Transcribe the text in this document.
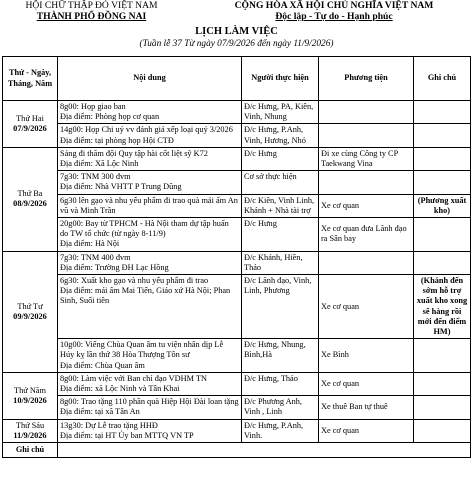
HỘI CHỮ THẬP ĐỎ VIỆT NAM
THÀNH PHỐ ĐỒNG NAI
CỘNG HÒA XÃ HỘI CHỦ NGHĨA VIỆT NAM
Độc lập - Tự do - Hạnh phúc
LỊCH LÀM VIỆC
(Tuần lễ 37 Từ ngày 07/9/2026 đến ngày 11/9/2026)
Thứ - Ngày, Tháng, Năm	Nội dung	Người thực hiện	Phương tiện	Ghi chú

Thứ Hai
07/9/2026	8g00: Họp giao ban
Địa điểm: Phòng họp cơ quan	Đ/c Hưng, PA, Kiên, Vinh, Nhung		

	14g00: Họp Chi uỷ vv đánh giá xếp loại quý 3/2026
Địa điểm: tại phòng họp Hội CTĐ	Đ/c Hưng, P.Anh, Vinh, Hương, Nhỏ		

Thứ Ba
08/9/2026	Sáng đi thăm đội Quy tập hài cốt liệt sỹ K72
Địa điểm: Xã Lộc Ninh	Đ/c Hưng	Đi xe cùng Công ty CP Taekwang Vina	

	7g30: TNM 300 đvm
Địa điểm: Nhà VHTT P Trung Dũng	Cơ sở thực hiện		

	6g30 lên gạo và nhu yếu phẩm đi trao quà mái ấm An vũ và Minh Trần	Đ/c Kiên, Vinh Linh, Khánh + Nhà tài trợ	Xe cơ quan	(Phương xuất kho)

	20g00: Bay từ TPHCM - Hà Nội tham dự tập huấn do TW tổ chức (từ ngày 8-11/9)
Địa điểm: Hà Nội	Đ/c Hưng	Xe cơ quan đưa Lãnh đạo ra Sân bay	

Thứ Tư
09/9/2026	7g30: TNM 400 đvm
Địa điểm: Trường ĐH Lạc Hồng	Đ/c Khánh, Hiền, Thảo		

	6g30: Xuất kho gạo và nhu yếu phẩm đi trao
Địa điểm: mái ấm Mai Tiến, Giáo xứ Hà Nội; Phan Sinh, Suối tiên	Đ/c Lãnh đạo, Vinh, Linh, Phương	Xe cơ quan	(Khánh đến sớm hỗ trợ xuất kho xong sẽ hàng rồi mới đến điểm HM)

	10g00: Viếng Chùa Quan âm tu viện nhân dịp Lễ Húy kỵ lần thứ 38 Hòa Thượng Tôn sư
Địa điểm: Chùa Quan âm	Đ/c Hưng, Nhung, Bình,Hà	Xe Bình	

Thứ Năm
10/9/2026	8g00: Làm việc với Ban chỉ đạo VDHM TN
Địa điểm: xã Lộc Ninh và Tân Khai	Đ/c Hưng, Thảo	Xe cơ quan	

	8g00: Trao tặng 110 phần quà Hiệp Hội Đài loan tặng
Địa điểm: tại xã Tân An	Đ/c Phương Anh, Vinh , Linh	Xe thuê Ban tự thuê	

Thứ Sáu
11/9/2026	13g30: Dự Lễ trao tặng HHĐ
Địa điểm: tại HT Ủy ban MTTQ VN TP	Đ/c Hưng, P.Anh, Vinh.	Xe cơ quan	
Ghi chú				
